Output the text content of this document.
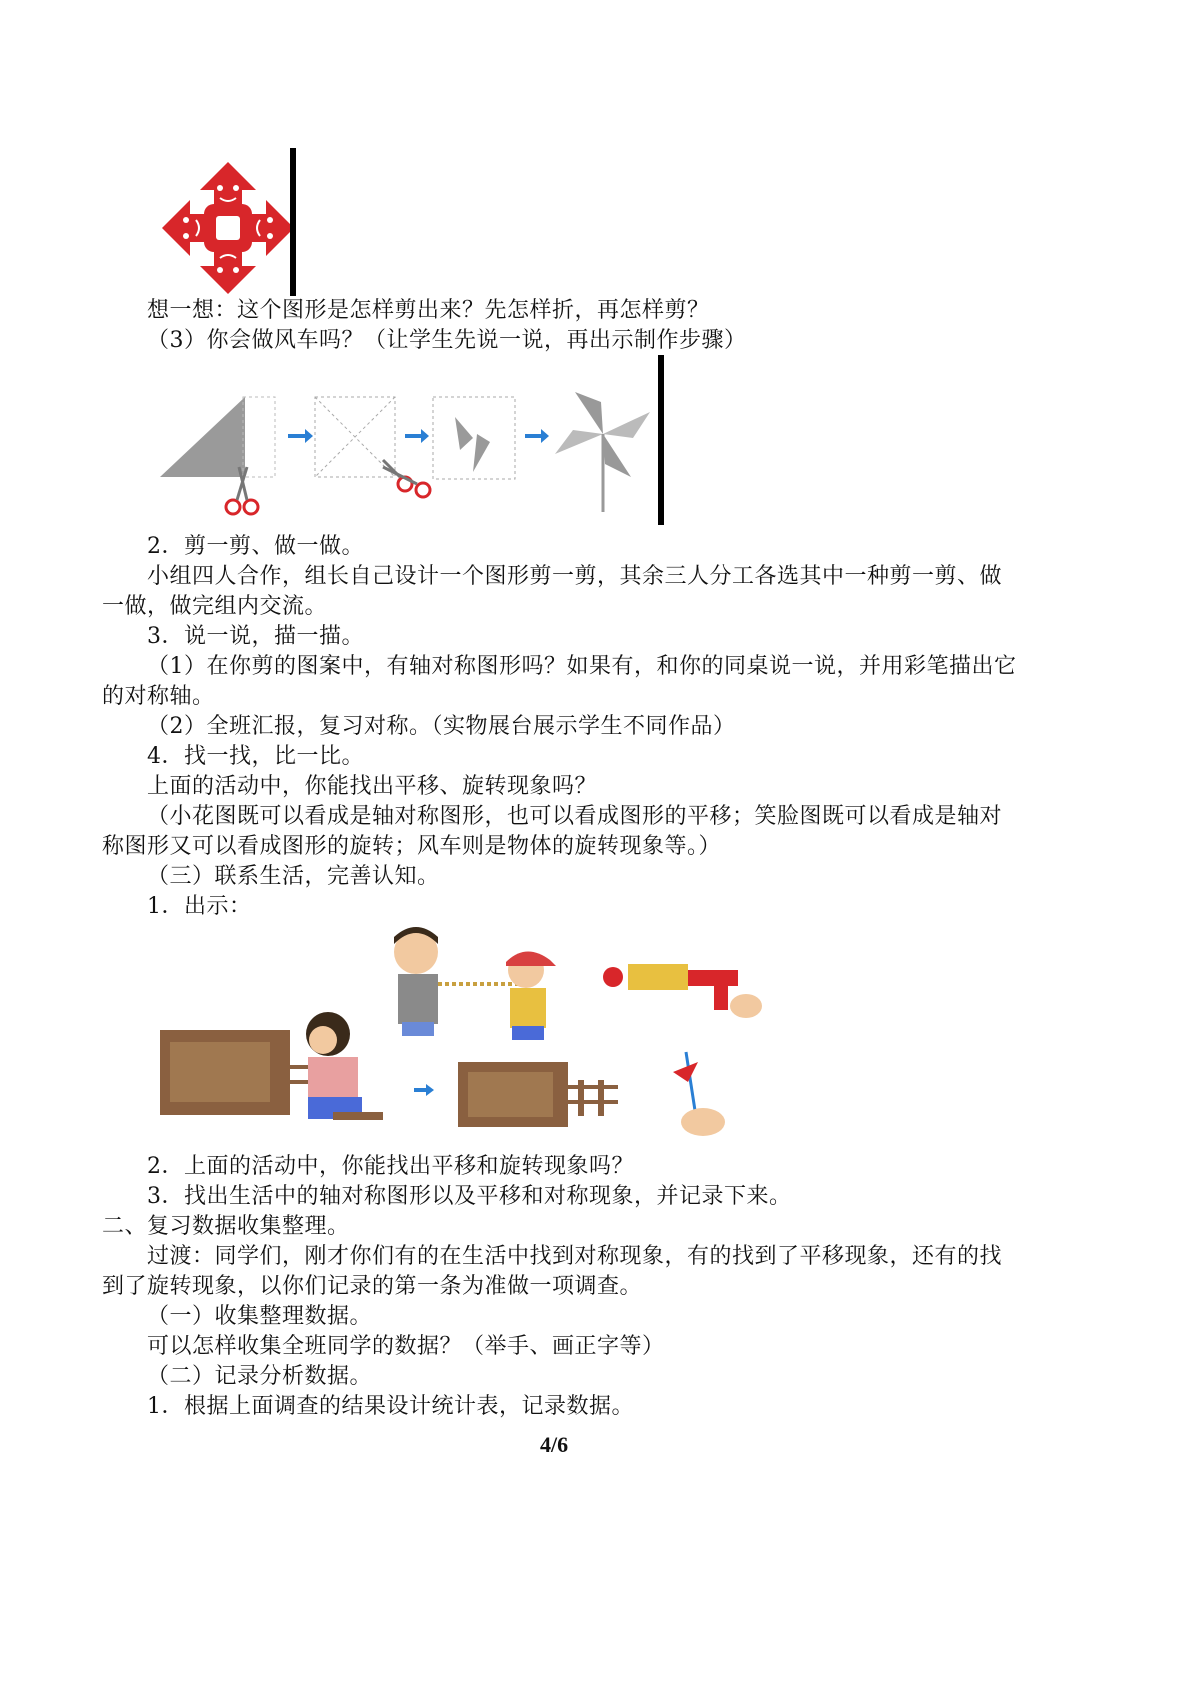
想一想：这个图形是怎样剪出来？先怎样折，再怎样剪？
（3）你会做风车吗？（让学生先说一说，再出示制作步骤）
2．剪一剪、做一做。
小组四人合作，组长自己设计一个图形剪一剪，其余三人分工各选其中一种剪一剪、做
一做，做完组内交流。
3．说一说，描一描。
（1）在你剪的图案中，有轴对称图形吗？如果有，和你的同桌说一说，并用彩笔描出它
的对称轴。
（2）全班汇报，复习对称。（实物展台展示学生不同作品）
4．找一找，比一比。
上面的活动中，你能找出平移、旋转现象吗？
（小花图既可以看成是轴对称图形，也可以看成图形的平移；笑脸图既可以看成是轴对
称图形又可以看成图形的旋转；风车则是物体的旋转现象等。）
（三）联系生活，完善认知。
1．出示：
2．上面的活动中，你能找出平移和旋转现象吗？
3．找出生活中的轴对称图形以及平移和对称现象，并记录下来。
二、复习数据收集整理。
过渡：同学们，刚才你们有的在生活中找到对称现象，有的找到了平移现象，还有的找
到了旋转现象，以你们记录的第一条为准做一项调查。
（一）收集整理数据。
可以怎样收集全班同学的数据？（举手、画正字等）
（二）记录分析数据。
1．根据上面调查的结果设计统计表，记录数据。
4/6
